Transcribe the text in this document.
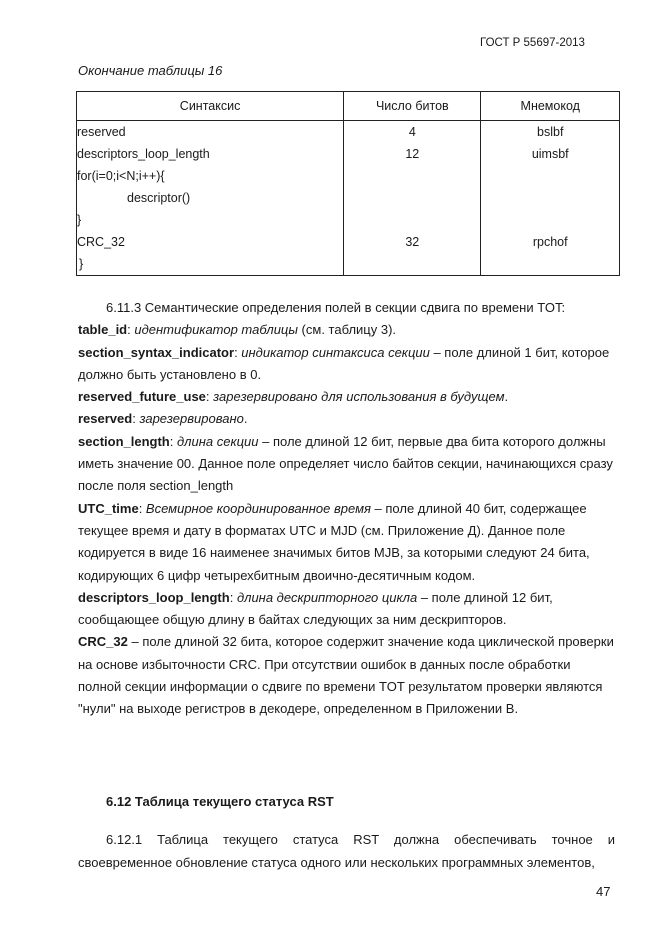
ГОСТ Р 55697-2013
Окончание таблицы 16
Синтаксис	Число битов	Мнемокод
reserved	4	bslbf
descriptors_loop_length	12	uimsbf
for(i=0;i<N;i++){		
descriptor()		
}		
CRC_32	32	rpchof
}		

6.11.3 Семантические определения полей в секции сдвига по времени TOT:

table_id: идентификатор таблицы (см. таблицу 3).

section_syntax_indicator: индикатор синтаксиса секции – поле длиной 1 бит, которое должно быть установлено в 0.

reserved_future_use: зарезервировано для использования в будущем.

reserved: зарезервировано.

section_length: длина секции – поле длиной 12 бит, первые два бита которого должны иметь значение 00. Данное поле определяет число байтов секции, начинающихся сразу после поля section_length

UTC_time: Всемирное координированное время – поле длиной 40 бит, содержащее текущее время и дату в форматах UTC и MJD (см. Приложение Д). Данное поле кодируется в виде 16 наименее значимых битов MJB, за которыми следуют 24 бита, кодирующих 6 цифр четырехбитным двоично-десятичным кодом.

descriptors_loop_length: длина дескрипторного цикла – поле длиной 12 бит, сообщающее общую длину в байтах следующих за ним дескрипторов.

CRC_32 – поле длиной 32 бита, которое содержит значение кода циклической проверки на основе избыточности CRC. При отсутствии ошибок в данных после обработки полной секции информации о сдвиге по времени TOT результатом проверки являются "нули" на выходе регистров в декодере, определенном в Приложении В.

6.12 Таблица текущего статуса RST
6.12.1 Таблица текущего статуса RST должна обеспечивать точное и своевременное обновление статуса одного или нескольких программных элементов,
47
